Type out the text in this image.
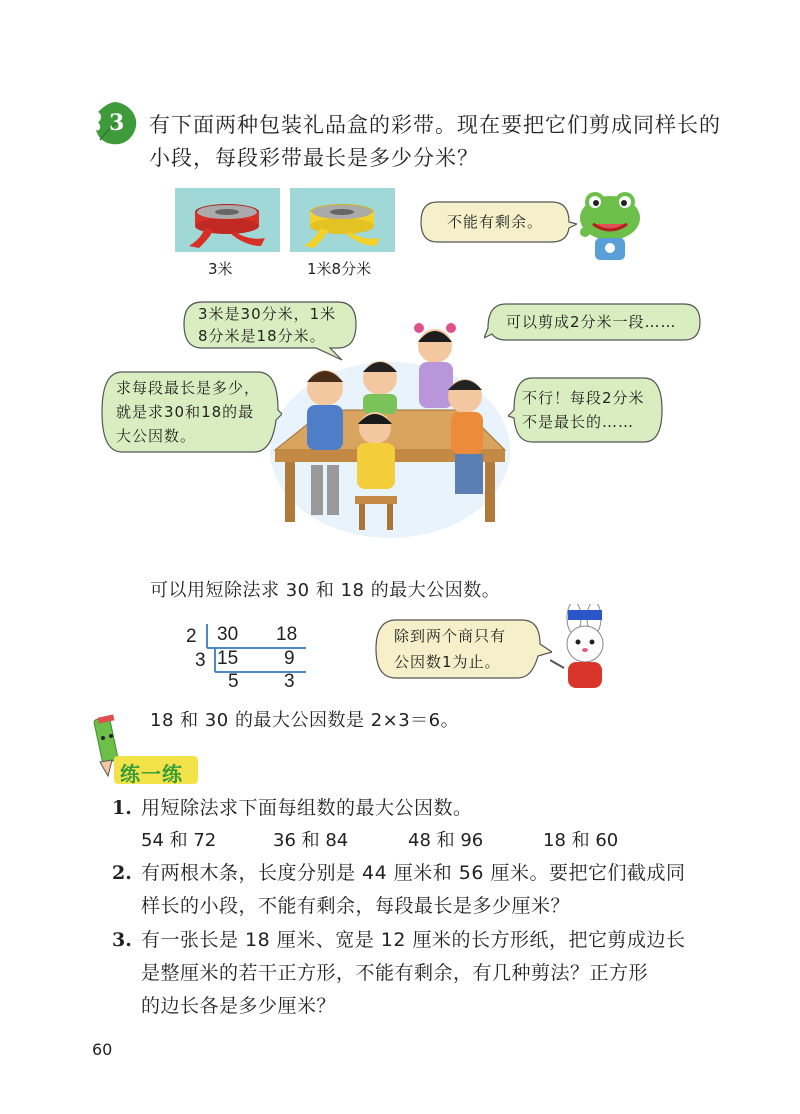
3 有下面两种包装礼品盒的彩带。现在要把它们剪成同样长的
小段，每段彩带最长是多少分米？
3米	1米8分米
不能有剩余。
3米是30分米，1米
8分米是18分米。
可以剪成2分米一段……
求每段最长是多少，
就是求30和18的最
大公因数。
不行！每段2分米
不是最长的……
可以用短除法求 30 和 18 的最大公因数。
2 30 18
3 15 9
5 3
除到两个商只有
公因数1为止。
18 和 30 的最大公因数是 2×3＝6。
练一练
1. 用短除法求下面每组数的最大公因数。
54 和 72	36 和 84	48 和 96	18 和 60
2. 有两根木条，长度分别是 44 厘米和 56 厘米。要把它们截成同
样长的小段，不能有剩余，每段最长是多少厘米？
3. 有一张长是 18 厘米、宽是 12 厘米的长方形纸，把它剪成边长
是整厘米的若干正方形，不能有剩余，有几种剪法？正方形
的边长各是多少厘米？
60
